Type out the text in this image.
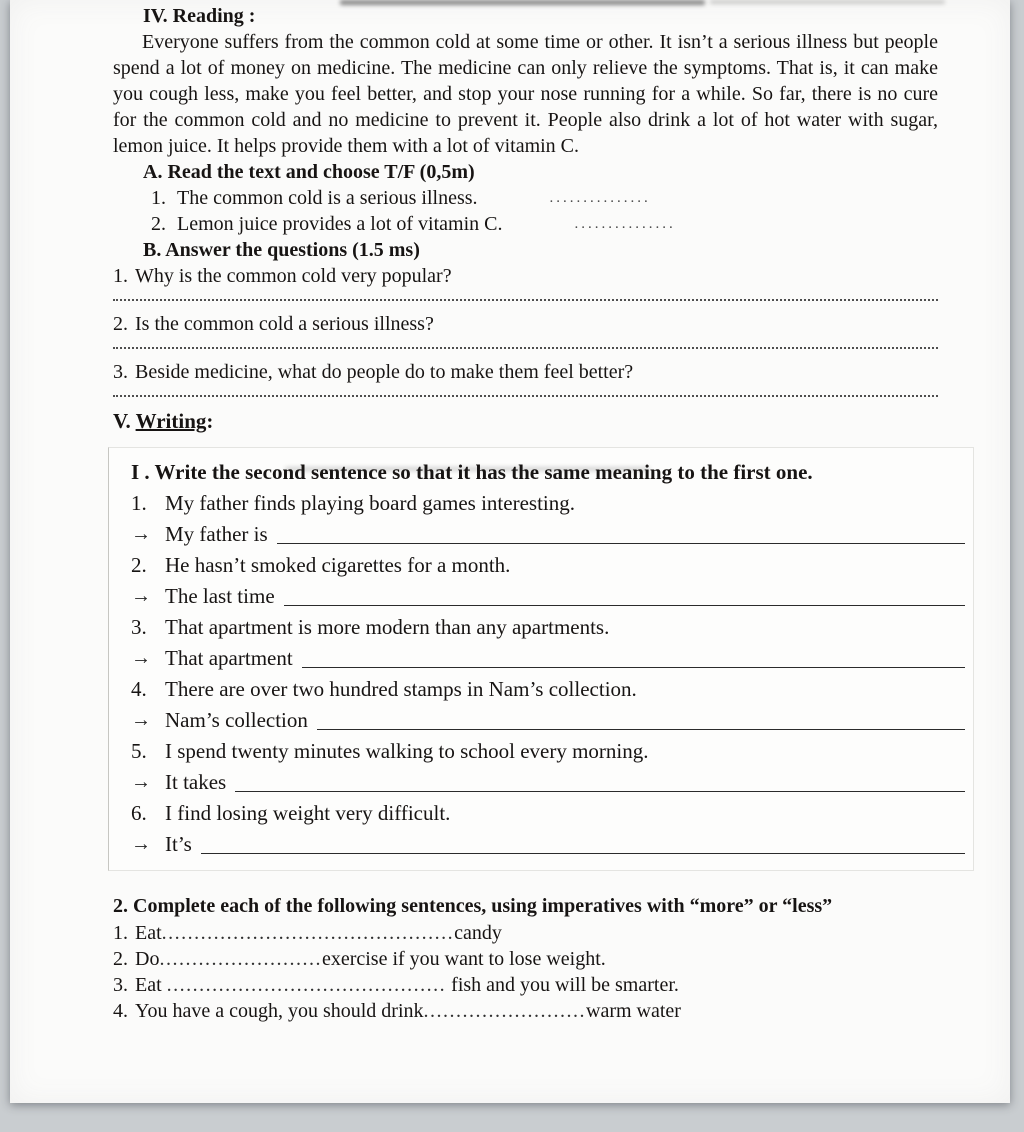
IV. Reading :

Everyone suffers from the common cold at some time or other. It isn’t a serious illness but people spend a lot of money on medicine. The medicine can only relieve the symptoms. That is, it can make you cough less, make you feel better, and stop your nose running for a while. So far, there is no cure for the common cold and no medicine to prevent it. People also drink a lot of hot water with sugar, lemon juice. It helps provide them with a lot of vitamin C.

A. Read the text and choose T/F (0,5m)
1. The common cold is a serious illness.	...............
2. Lemon juice provides a lot of vitamin C.	...............
B. Answer the questions (1.5 ms)
1. Why is the common cold very popular?
2. Is the common cold a serious illness?
3. Beside medicine, what do people do to make them feel better?
V. Writing:
I . Write the second sentence so that it has the same meaning to the first one.
1. My father finds playing board games interesting.
→ My father is
2. He hasn’t smoked cigarettes for a month.
→ The last time
3. That apartment is more modern than any apartments.
→ That apartment
4. There are over two hundred stamps in Nam’s collection.
→ Nam’s collection
5. I spend twenty minutes walking to school every morning.
→ It takes
6. I find losing weight very difficult.
→ It’s
2. Complete each of the following sentences, using imperatives with “more” or “less”
1. Eat.............................................candy
2. Do.........................exercise if you want to lose weight.
3. Eat ........................................... fish and you will be smarter.
4. You have a cough, you should drink.........................warm water
